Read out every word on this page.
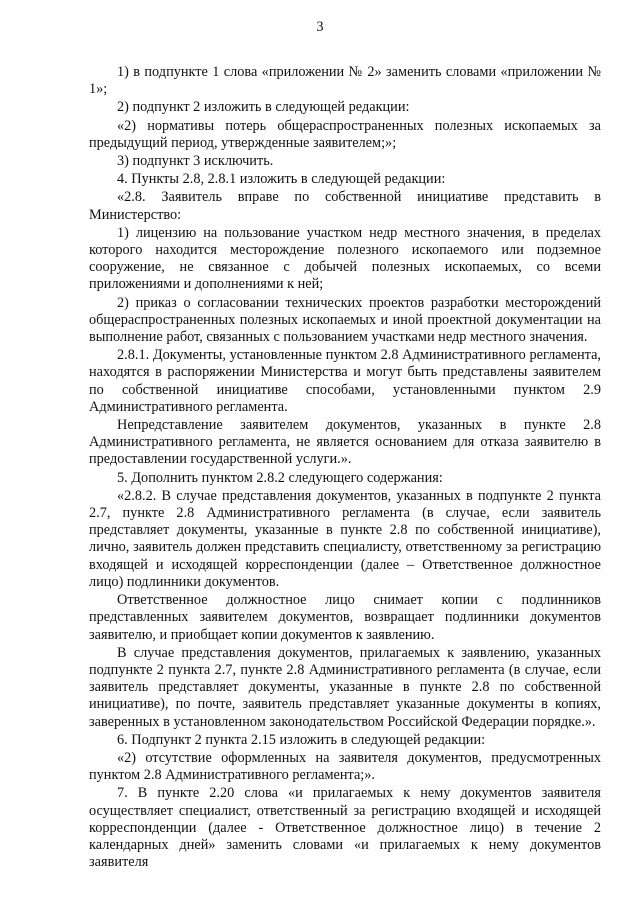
3

1) в подпункте 1 слова «приложении № 2» заменить словами «приложении № 1»;

2) подпункт 2 изложить в следующей редакции:

«2) нормативы потерь общераспространенных полезных ископаемых за предыдущий период, утвержденные заявителем;»;

3) подпункт 3 исключить.

4. Пункты 2.8, 2.8.1 изложить в следующей редакции:

«2.8. Заявитель вправе по собственной инициативе представить в Министерство:

1) лицензию на пользование участком недр местного значения, в пределах которого находится месторождение полезного ископаемого или подземное сооружение, не связанное с добычей полезных ископаемых, со всеми приложениями и дополнениями к ней;

2) приказ о согласовании технических проектов разработки месторождений общераспространенных полезных ископаемых и иной проектной документации на выполнение работ, связанных с пользованием участками недр местного значения.

2.8.1. Документы, установленные пунктом 2.8 Административного регламента, находятся в распоряжении Министерства и могут быть представлены заявителем по собственной инициативе способами, установленными пунктом 2.9 Административного регламента.

Непредставление заявителем документов, указанных в пункте 2.8 Административного регламента, не является основанием для отказа заявителю в предоставлении государственной услуги.».

5. Дополнить пунктом 2.8.2 следующего содержания:

«2.8.2. В случае представления документов, указанных в подпункте 2 пункта 2.7, пункте 2.8 Административного регламента (в случае, если заявитель представляет документы, указанные в пункте 2.8 по собственной инициативе), лично, заявитель должен представить специалисту, ответственному за регистрацию входящей и исходящей корреспонденции (далее – Ответственное должностное лицо) подлинники документов.

Ответственное должностное лицо снимает копии с подлинников представленных заявителем документов, возвращает подлинники документов заявителю, и приобщает копии документов к заявлению.

В случае представления документов, прилагаемых к заявлению, указанных подпункте 2 пункта 2.7, пункте 2.8 Административного регламента (в случае, если заявитель представляет документы, указанные в пункте 2.8 по собственной инициативе), по почте, заявитель представляет указанные документы в копиях, заверенных в установленном законодательством Российской Федерации порядке.».

6. Подпункт 2 пункта 2.15 изложить в следующей редакции:

«2) отсутствие оформленных на заявителя документов, предусмотренных пунктом 2.8 Административного регламента;».

7. В пункте 2.20 слова «и прилагаемых к нему документов заявителя осуществляет специалист, ответственный за регистрацию входящей и исходящей корреспонденции (далее - Ответственное должностное лицо) в течение 2 календарных дней» заменить словами «и прилагаемых к нему документов заявителя
